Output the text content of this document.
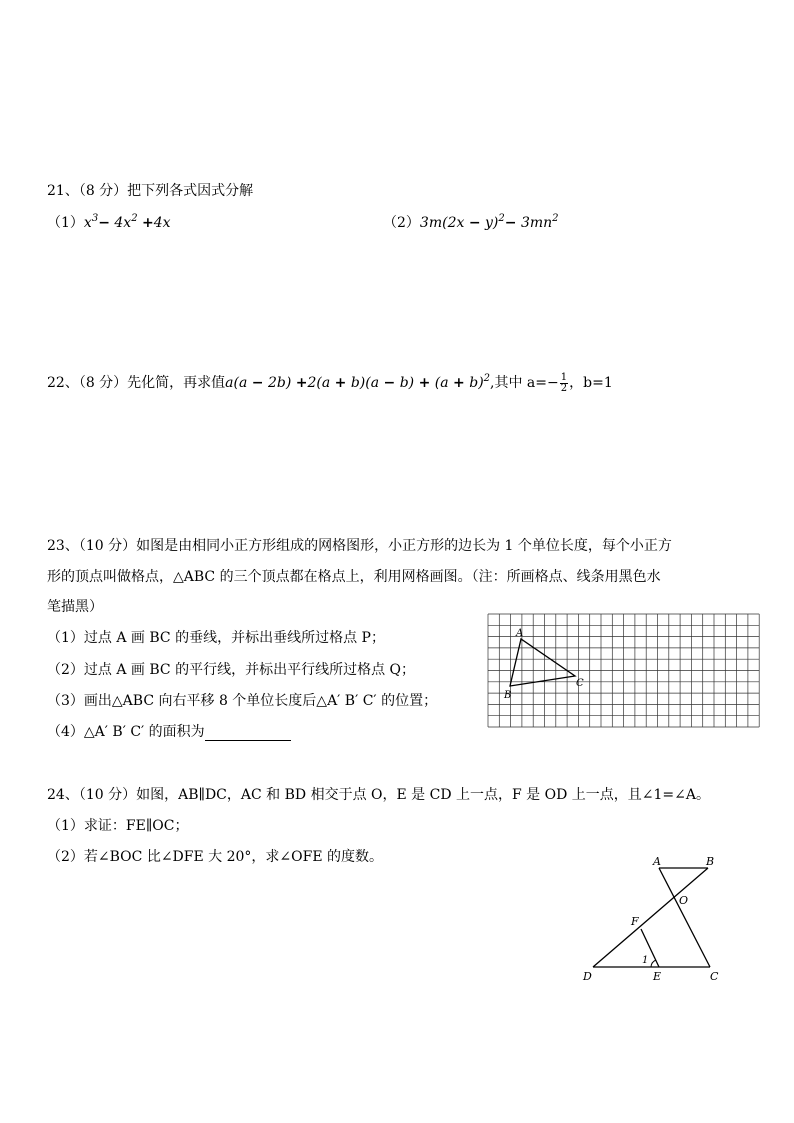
21、（8 分）把下列各式因式分解
$(1)x^3- 4x^2 +4x$	$(2)3m(2x - y)^2- 3mn^2$
22、（8 分）先化简，再求值$a(a - 2b) +2(a + b)(a - b) + (a + b)^2$,其中 $a=- \frac{1}{2}$ ，b=1
23、（10 分）如图是由相同小正方形组成的网格图形，小正方形的边长为 1 个单位长度，每个小正方
形的顶点叫做格点，△ABC 的三个顶点都在格点上，利用网格画图。（注：所画格点、线条用黑色水
笔描黑）
（1）过点 A 画 BC 的垂线，并标出垂线所过格点 P；
（2）过点 A 画 BC 的平行线，并标出平行线所过格点 Q；
（3）画出△ABC 向右平移 8 个单位长度后△A′ B′ C′ 的位置；
（4）△A′ B′ C′ 的面积为
A
B
C
24、（10 分）如图，AB∥DC，AC 和 BD 相交于点 O，E 是 CD 上一点，F 是 OD 上一点，且∠1=∠A。
（1）求证：FE∥OC；
（2）若∠BOC 比∠DFE 大 20°，求∠OFE 的度数。	A	B
O
F
1
D	E	C
